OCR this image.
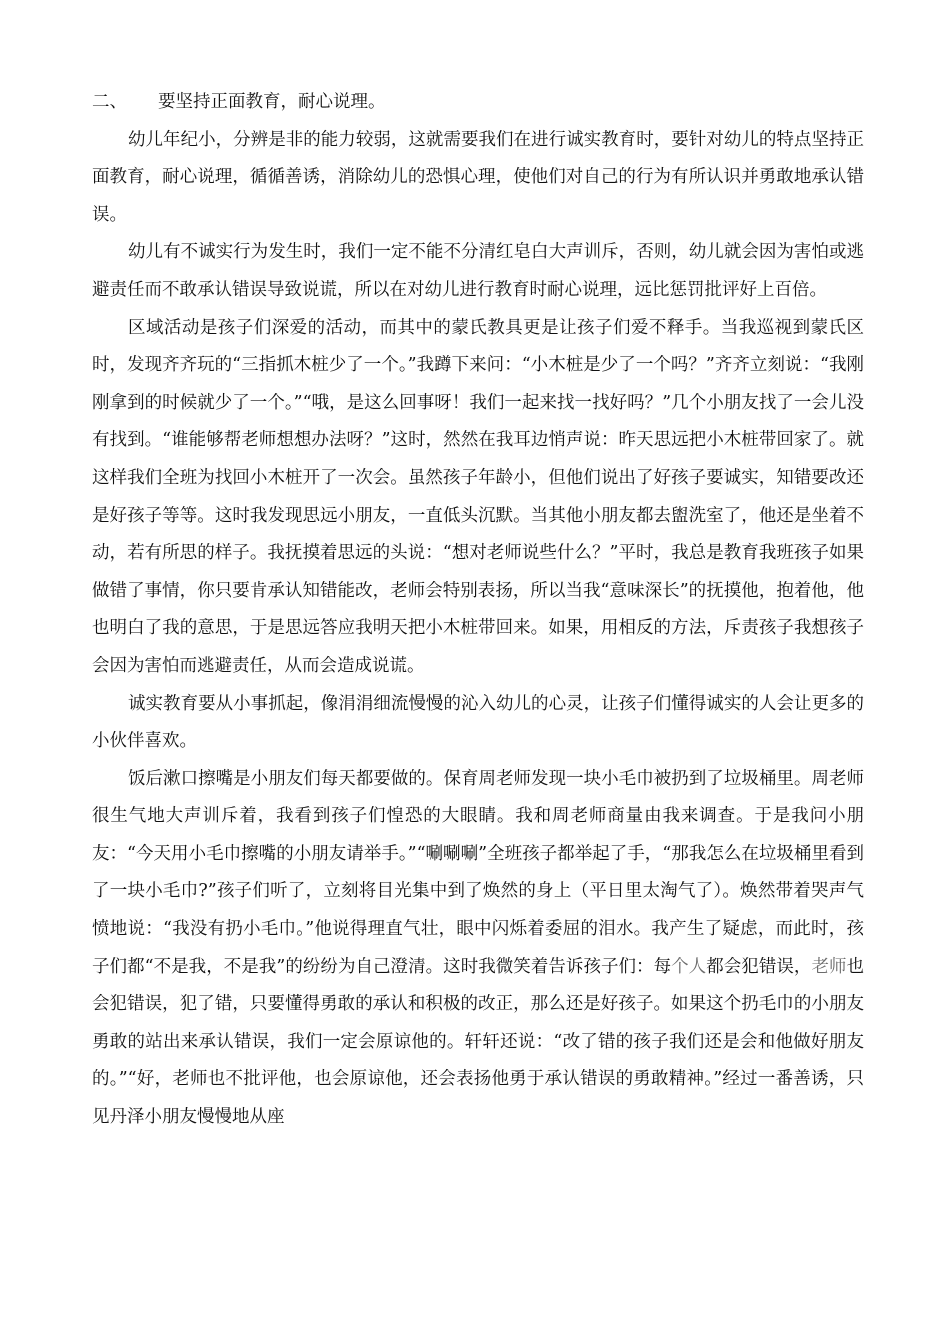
二、 要坚持正面教育，耐心说理。

幼儿年纪小，分辨是非的能力较弱，这就需要我们在进行诚实教育时，要针对幼儿的特点坚持正面教育，耐心说理，循循善诱，消除幼儿的恐惧心理，使他们对自己的行为有所认识并勇敢地承认错误。

幼儿有不诚实行为发生时，我们一定不能不分清红皂白大声训斥，否则，幼儿就会因为害怕或逃避责任而不敢承认错误导致说谎，所以在对幼儿进行教育时耐心说理，远比惩罚批评好上百倍。

区域活动是孩子们深爱的活动，而其中的蒙氏教具更是让孩子们爱不释手。当我巡视到蒙氏区时，发现齐齐玩的“三指抓木桩少了一个。”我蹲下来问：“小木桩是少了一个吗？”齐齐立刻说：“我刚刚拿到的时候就少了一个。”“哦，是这么回事呀！我们一起来找一找好吗？”几个小朋友找了一会儿没有找到。“谁能够帮老师想想办法呀？”这时，然然在我耳边悄声说：昨天思远把小木桩带回家了。就这样我们全班为找回小木桩开了一次会。虽然孩子年龄小，但他们说出了好孩子要诚实，知错要改还是好孩子等等。这时我发现思远小朋友，一直低头沉默。当其他小朋友都去盥洗室了，他还是坐着不动，若有所思的样子。我抚摸着思远的头说：“想对老师说些什么？”平时，我总是教育我班孩子如果做错了事情，你只要肯承认知错能改，老师会特别表扬，所以当我“意味深长”的抚摸他，抱着他，他也明白了我的意思，于是思远答应我明天把小木桩带回来。如果，用相反的方法，斥责孩子我想孩子会因为害怕而逃避责任，从而会造成说谎。

诚实教育要从小事抓起，像涓涓细流慢慢的沁入幼儿的心灵，让孩子们懂得诚实的人会让更多的小伙伴喜欢。

饭后漱口擦嘴是小朋友们每天都要做的。保育周老师发现一块小毛巾被扔到了垃圾桶里。周老师很生气地大声训斥着，我看到孩子们惶恐的大眼睛。我和周老师商量由我来调查。于是我问小朋友：“今天用小毛巾擦嘴的小朋友请举手。”“唰唰唰”全班孩子都举起了手，“那我怎么在垃圾桶里看到了一块小毛巾?”孩子们听了，立刻将目光集中到了焕然的身上（平日里太淘气了）。焕然带着哭声气愤地说：“我没有扔小毛巾。”他说得理直气壮，眼中闪烁着委屈的泪水。我产生了疑虑，而此时，孩子们都“不是我，不是我”的纷纷为自己澄清。这时我微笑着告诉孩子们：每个人都会犯错误，老师也会犯错误，犯了错，只要懂得勇敢的承认和积极的改正，那么还是好孩子。如果这个扔毛巾的小朋友勇敢的站出来承认错误，我们一定会原谅他的。轩轩还说：“改了错的孩子我们还是会和他做好朋友的。”“好，老师也不批评他，也会原谅他，还会表扬他勇于承认错误的勇敢精神。”经过一番善诱，只见丹泽小朋友慢慢地从座
